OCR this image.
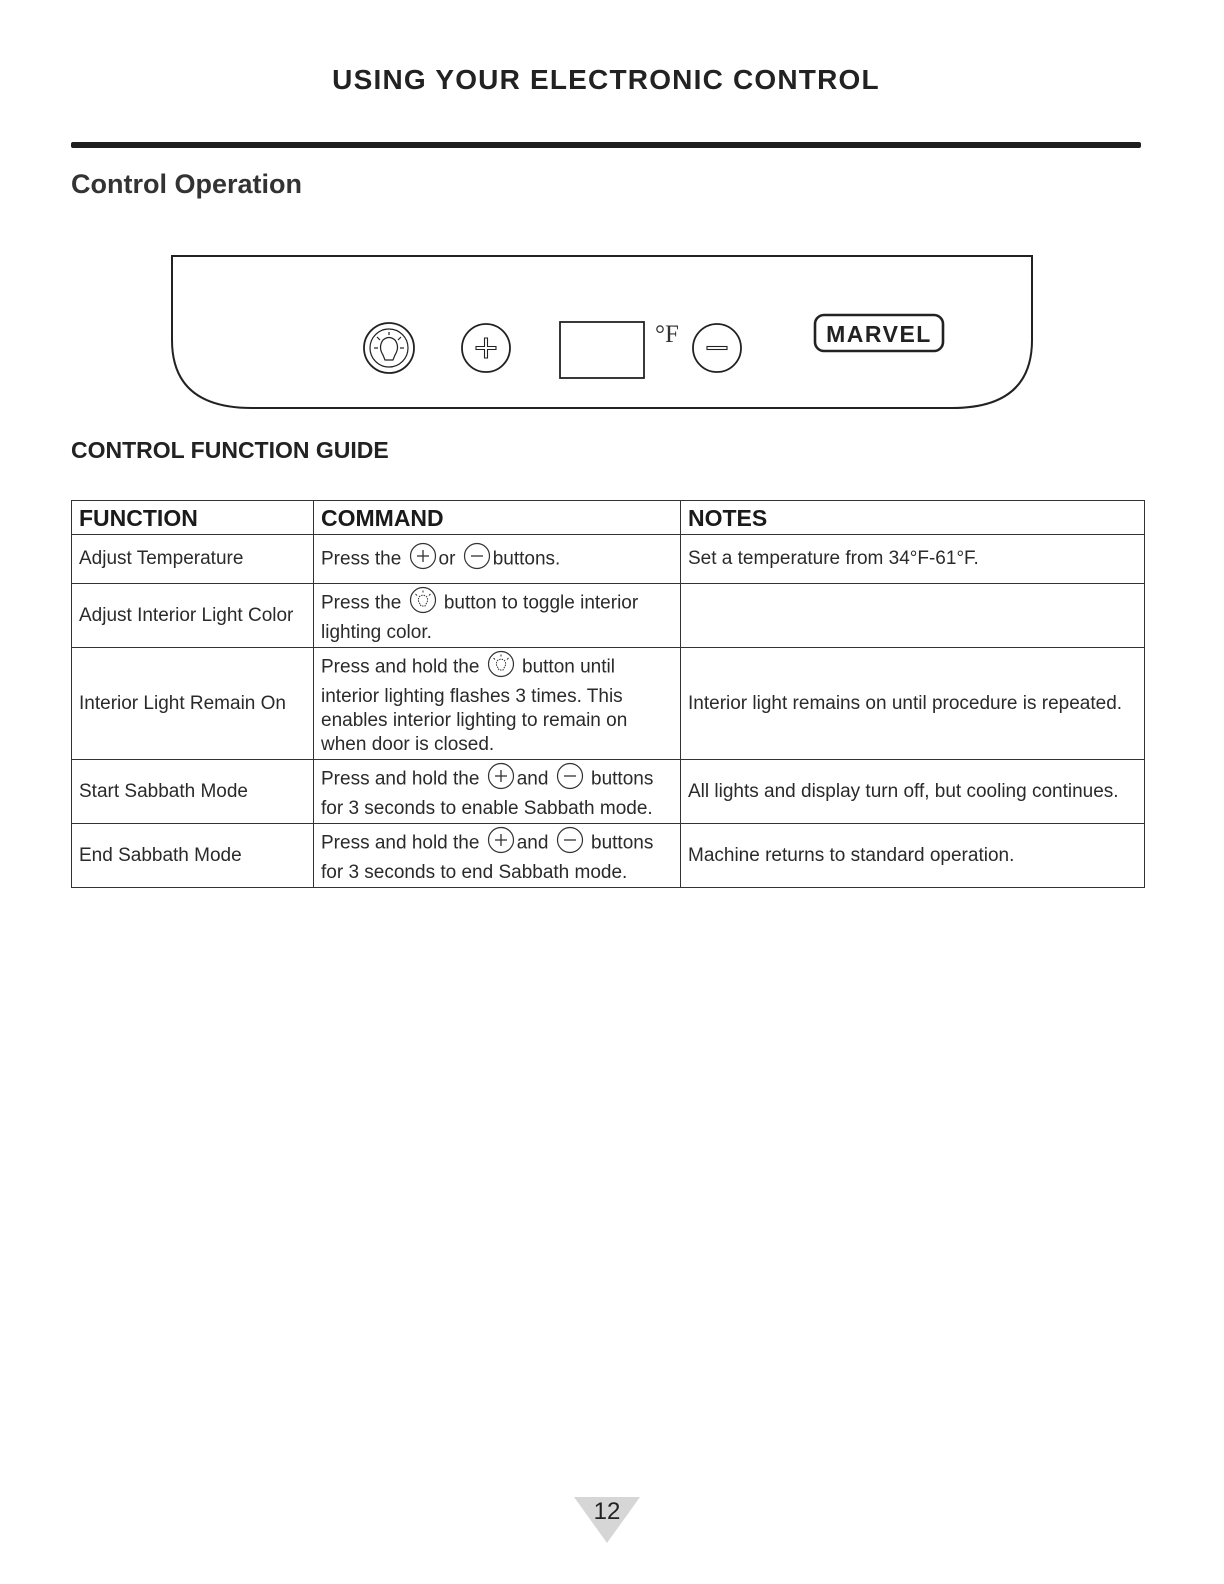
USING YOUR ELECTRONIC CONTROL
Control Operation
°F	MARVEL
CONTROL FUNCTION GUIDE
FUNCTION	COMMAND	NOTES
Adjust Temperature	Press the or buttons.	Set a temperature from 34°F-61°F.
Adjust Interior Light Color	Press the button to toggle interior lighting color.	
Interior Light Remain On	Press and hold the button until interior lighting flashes 3 times. This enables interior lighting to remain on when door is closed.	Interior light remains on until procedure is repeated.
Start Sabbath Mode	Press and hold the and buttons for 3 seconds to enable Sabbath mode.	All lights and display turn off, but cooling continues.
End Sabbath Mode	Press and hold the and buttons for 3 seconds to end Sabbath mode.	Machine returns to standard operation.
12
